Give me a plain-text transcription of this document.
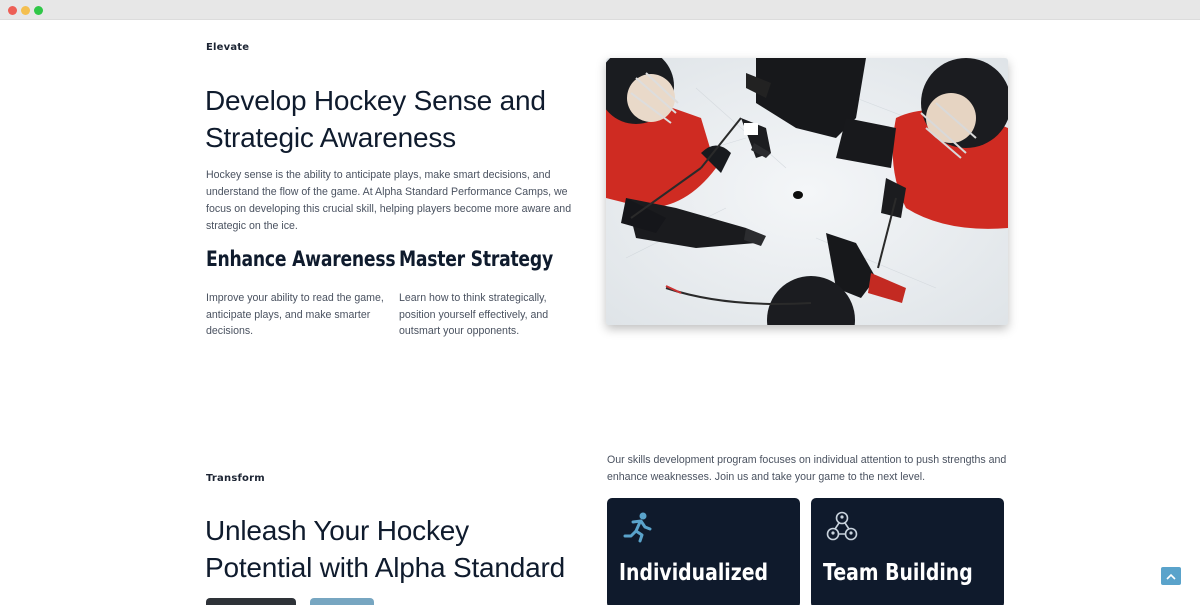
Elevate
Develop Hockey Sense and
Strategic Awareness
Hockey sense is the ability to anticipate plays, make smart decisions, and
understand the flow of the game. At Alpha Standard Performance Camps, we
focus on developing this crucial skill, helping players become more aware and
strategic on the ice.
Enhance Awareness
Improve your ability to read the game,
anticipate plays, and make smarter
decisions.
Master Strategy
Learn how to think strategically,
position yourself effectively, and
outsmart your opponents.
Our skills development program focuses on individual attention to push strengths and
enhance weaknesses. Join us and take your game to the next level.
Transform
Unleash Your Hockey
Potential with Alpha Standard	Individualized Team Building
